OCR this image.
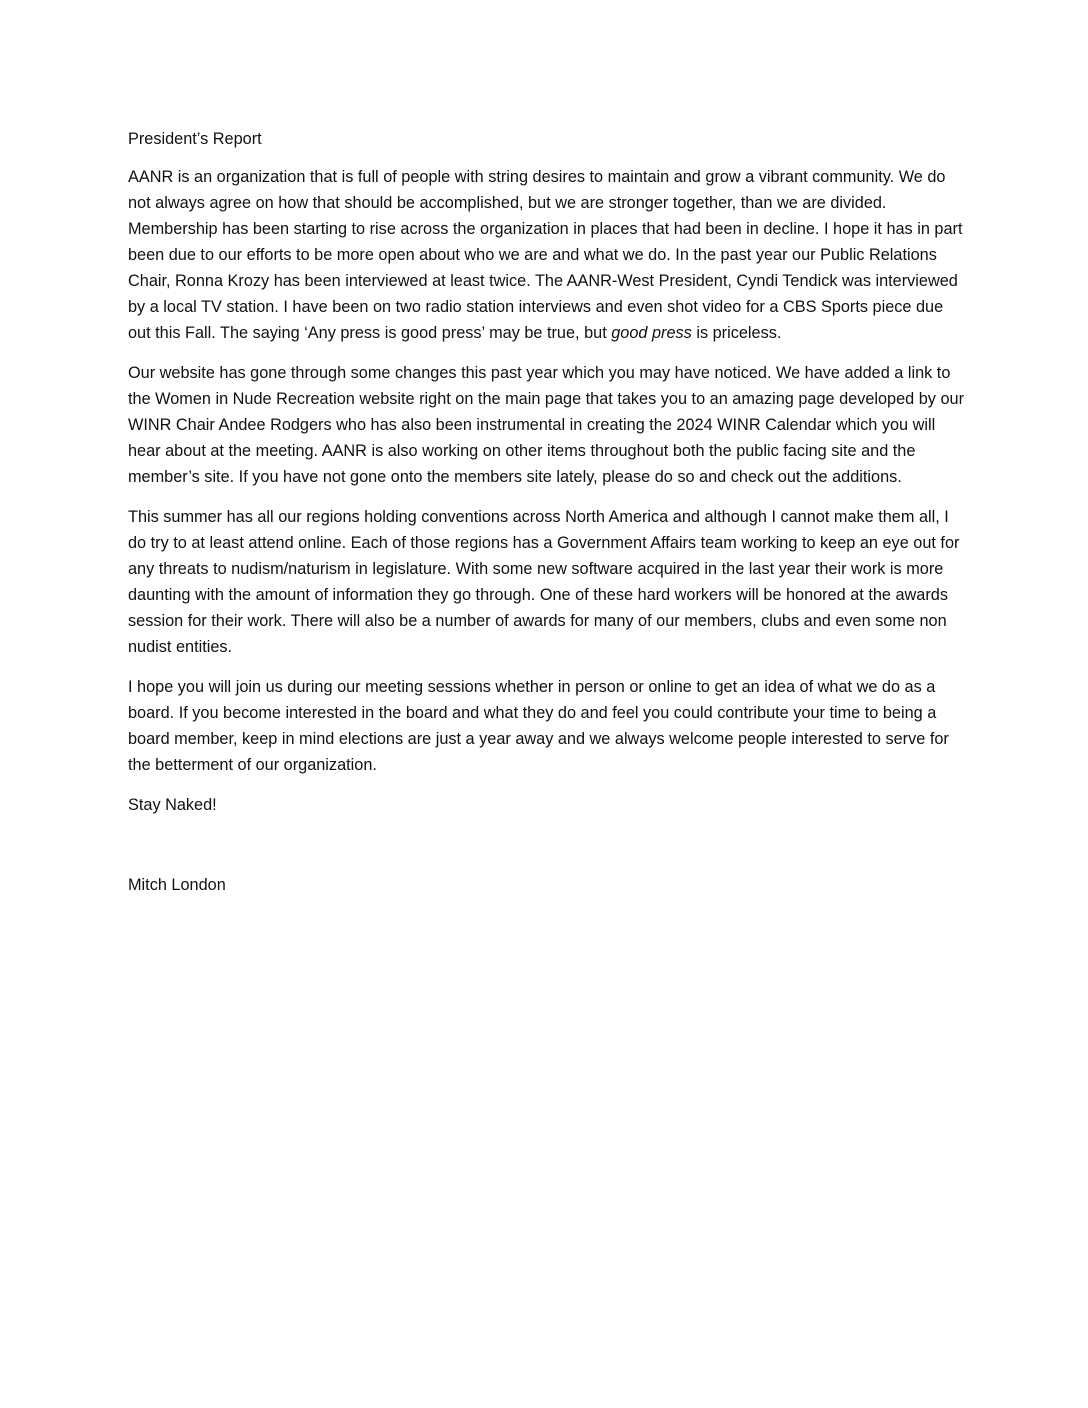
President’s Report

AANR is an organization that is full of people with string desires to maintain and grow a vibrant community. We do not always agree on how that should be accomplished, but we are stronger together, than we are divided. Membership has been starting to rise across the organization in places that had been in decline. I hope it has in part been due to our efforts to be more open about who we are and what we do. In the past year our Public Relations Chair, Ronna Krozy has been interviewed at least twice. The AANR-West President, Cyndi Tendick was interviewed by a local TV station. I have been on two radio station interviews and even shot video for a CBS Sports piece due out this Fall. The saying ‘Any press is good press’ may be true, but good press is priceless.

Our website has gone through some changes this past year which you may have noticed. We have added a link to the Women in Nude Recreation website right on the main page that takes you to an amazing page developed by our WINR Chair Andee Rodgers who has also been instrumental in creating the 2024 WINR Calendar which you will hear about at the meeting. AANR is also working on other items throughout both the public facing site and the member’s site. If you have not gone onto the members site lately, please do so and check out the additions.

This summer has all our regions holding conventions across North America and although I cannot make them all, I do try to at least attend online. Each of those regions has a Government Affairs team working to keep an eye out for any threats to nudism/naturism in legislature. With some new software acquired in the last year their work is more daunting with the amount of information they go through. One of these hard workers will be honored at the awards session for their work. There will also be a number of awards for many of our members, clubs and even some non nudist entities.

I hope you will join us during our meeting sessions whether in person or online to get an idea of what we do as a board. If you become interested in the board and what they do and feel you could contribute your time to being a board member, keep in mind elections are just a year away and we always welcome people interested to serve for the betterment of our organization.

Stay Naked!

Mitch London
